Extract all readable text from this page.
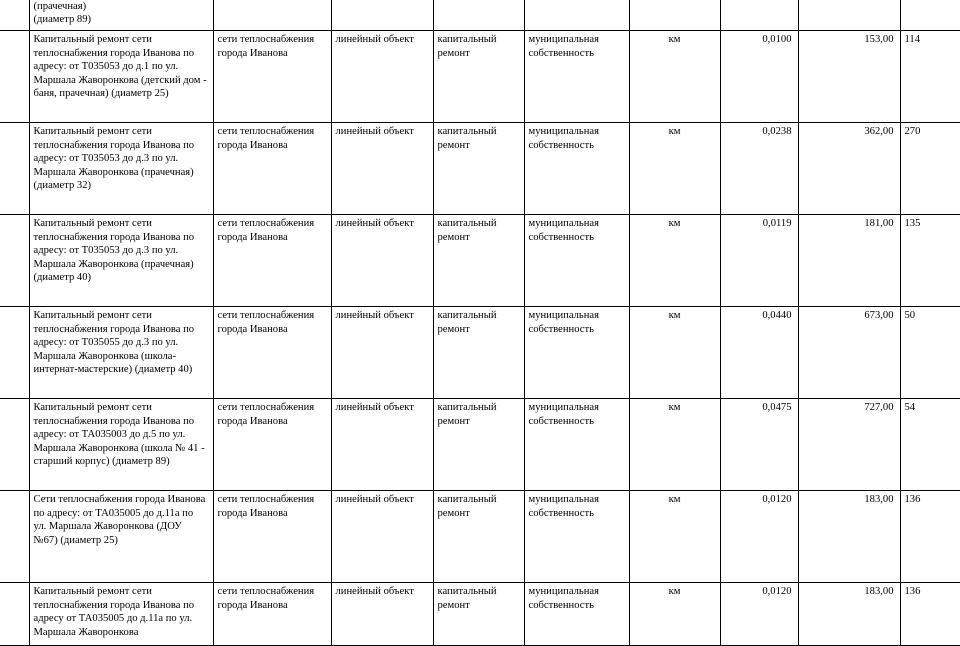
	(прачечная)
(диаметр 89)								
	Капитальный ремонт сети теплоснабжения города Иванова по адресу: от Т035053 до д.1 по ул. Маршала Жаворонкова (детский дом - баня, прачечная) (диаметр 25)	сети теплоснабжения города Иванова	линейный объект	капитальный ремонт	муниципальная собственность	км	0,0100	153,00	114
	Капитальный ремонт сети теплоснабжения города Иванова по адресу: от Т035053 до д.3 по ул. Маршала Жаворонкова (прачечная) (диаметр 32)	сети теплоснабжения города Иванова	линейный объект	капитальный ремонт	муниципальная собственность	км	0,0238	362,00	270
	Капитальный ремонт сети теплоснабжения города Иванова по адресу: от Т035053 до д.3 по ул. Маршала Жаворонкова (прачечная) (диаметр 40)	сети теплоснабжения города Иванова	линейный объект	капитальный ремонт	муниципальная собственность	км	0,0119	181,00	135
	Капитальный ремонт сети теплоснабжения города Иванова по адресу: от Т035055 до д.3 по ул. Маршала Жаворонкова (школа-интернат-мастерские) (диаметр 40)	сети теплоснабжения города Иванова	линейный объект	капитальный ремонт	муниципальная собственность	км	0,0440	673,00	50
	Капитальный ремонт сети теплоснабжения города Иванова по адресу: от ТА035003 до д.5 по ул. Маршала Жаворонкова (школа № 41 - старший корпус) (диаметр 89)	сети теплоснабжения города Иванова	линейный объект	капитальный ремонт	муниципальная собственность	км	0,0475	727,00	54
	Сети теплоснабжения города Иванова по адресу: от ТА035005 до д.11а по ул. Маршала Жаворонкова (ДОУ №67) (диаметр 25)	сети теплоснабжения города Иванова	линейный объект	капитальный ремонт	муниципальная собственность	км	0,0120	183,00	136
	Капитальный ремонт сети теплоснабжения города Иванова по адресу от ТА035005 до д.11а по ул. Маршала Жаворонкова	сети теплоснабжения города Иванова	линейный объект	капитальный ремонт	муниципальная собственность	км	0,0120	183,00	136
